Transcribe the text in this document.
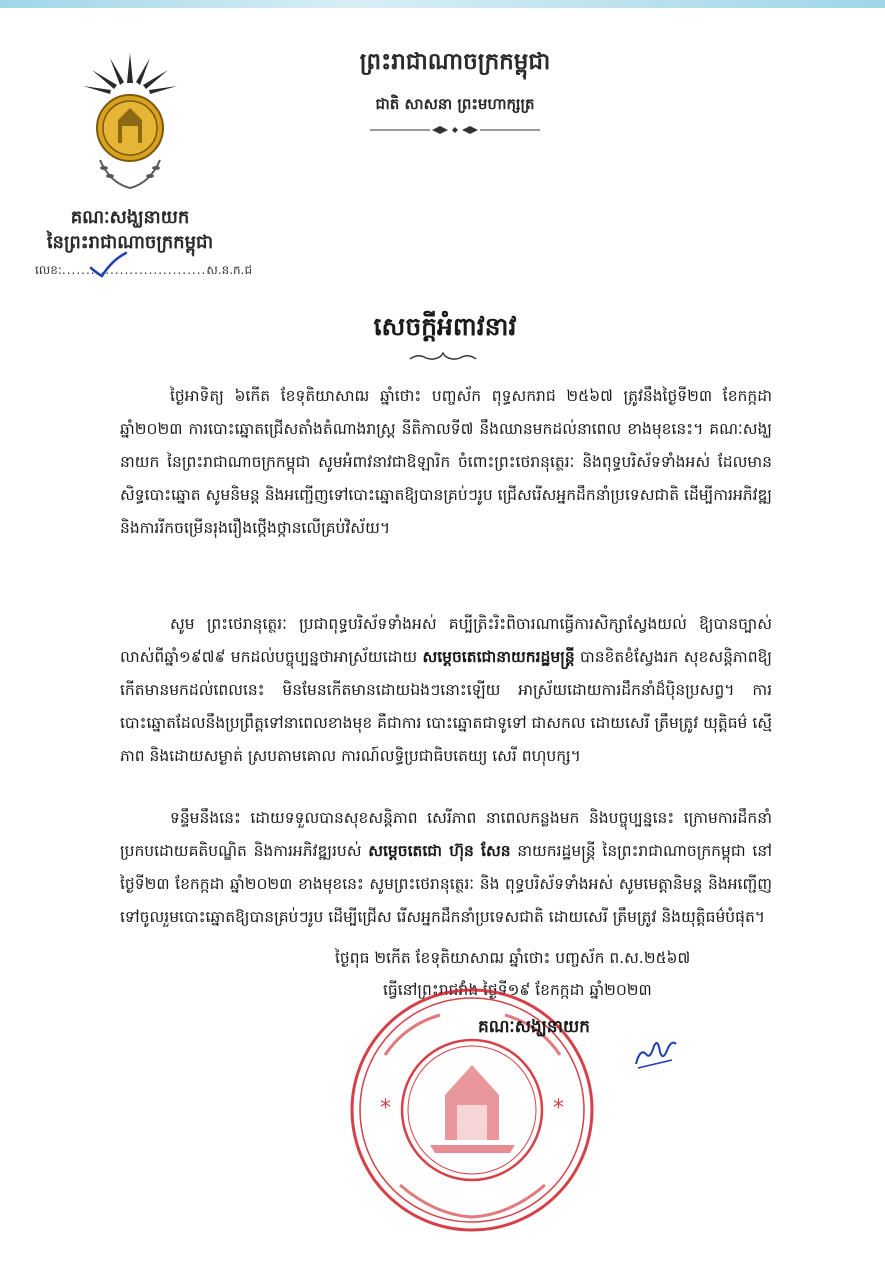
គណៈសង្ឃនាយក
នៃព្រះរាជាណាចក្រកម្ពុជា
លេខ:..............................ស.ន.ក.ជ
ព្រះរាជាណាចក្រកម្ពុជា
ជាតិ សាសនា ព្រះមហាក្សត្រ
សេចក្ដីអំពាវនាវ

ថ្ងៃអាទិត្យ ៦កើត ខែទុតិយាសាឍ ឆ្នាំថោះ បញ្ចស័ក ពុទ្ធសករាជ ២៥៦៧ ត្រូវនឹងថ្ងៃទី២៣ ខែកក្កដា ឆ្នាំ២០២៣ ការបោះឆ្នោតជ្រើសតាំងតំណាងរាស្ត្រ នីតិកាលទី៧ នឹងឈានមកដល់នាពេល ខាងមុខនេះ។ គណៈសង្ឃនាយក នៃព្រះរាជាណាចក្រកម្ពុជា សូមអំពាវនាវជាឱឡារិក ចំពោះព្រះថេរានុត្ថេរៈ និងពុទ្ធបរិស័ទទាំងអស់ ដែលមានសិទ្ធបោះឆ្នោត សូមនិមន្ត និងអញ្ជើញទៅបោះឆ្នោតឱ្យបានគ្រប់ៗរូប ជ្រើសរើសអ្នកដឹកនាំប្រទេសជាតិ ដើម្បីការអភិវឌ្ឍ និងការរីកចម្រើនរុងរឿងថ្កើងថ្កានលើគ្រប់វិស័យ។

សូម ព្រះថេរានុត្ថេរៈ ប្រជាពុទ្ធបរិស័ទទាំងអស់ គប្បីត្រិះរិះពិចារណាធ្វើការសិក្សាស្វែងយល់ ឱ្យបានច្បាស់លាស់ពីឆ្នាំ១៩៧៩ មកដល់បច្ចុប្បន្នថាអាស្រ័យដោយ សម្តេចតេជោនាយករដ្ឋមន្ត្រី បានខិតខំស្វែងរក សុខសន្តិភាពឱ្យកើតមានមកដល់ពេលនេះ មិនមែនកើតមានដោយឯងៗនោះឡើយ អាស្រ័យដោយការដឹកនាំដ៏ប៉ិនប្រសព្វ។ ការបោះឆ្នោតដែលនឹងប្រព្រឹត្តទៅនាពេលខាងមុខ គឺជាការ បោះឆ្នោតជាទូទៅ ជាសកល ដោយសេរី ត្រឹមត្រូវ យុត្តិធម៌ ស្មើភាព និងដោយសម្ងាត់ ស្របតាមគោល ការណ៍លទ្ធិប្រជាធិបតេយ្យ សេរី ពហុបក្ស។

ទន្ទឹមនឹងនេះ ដោយទទួលបានសុខសន្តិភាព សេរីភាព នាពេលកន្លងមក និងបច្ចុប្បន្ននេះ ក្រោមការដឹកនាំប្រកបដោយគតិបណ្ឌិត និងការអភិវឌ្ឍរបស់ សម្តេចតេជោ ហ៊ុន សែន នាយករដ្ឋមន្ត្រី នៃព្រះរាជាណាចក្រកម្ពុជា នៅថ្ងៃទី២៣ ខែកក្កដា ឆ្នាំ២០២៣ ខាងមុខនេះ សូមព្រះថេរានុត្ថេរៈ និង ពុទ្ធបរិស័ទទាំងអស់ សូមមេត្តានិមន្ត និងអញ្ជើញទៅចូលរួមបោះឆ្នោតឱ្យបានគ្រប់ៗរូប ដើម្បីជ្រើស រើសអ្នកដឹកនាំប្រទេសជាតិ ដោយសេរី ត្រឹមត្រូវ និងយុត្តិធម៌បំផុត។

ថ្ងៃពុធ ២កើត ខែទុតិយាសាឍ ឆ្នាំថោះ បញ្ចស័ក ព.ស.២៥៦៧
ធ្វើនៅព្រះរាជវាំង ថ្ងៃទី១៩ ខែកក្កដា ឆ្នាំ២០២៣
*	*
គណៈសង្ឃនាយក
